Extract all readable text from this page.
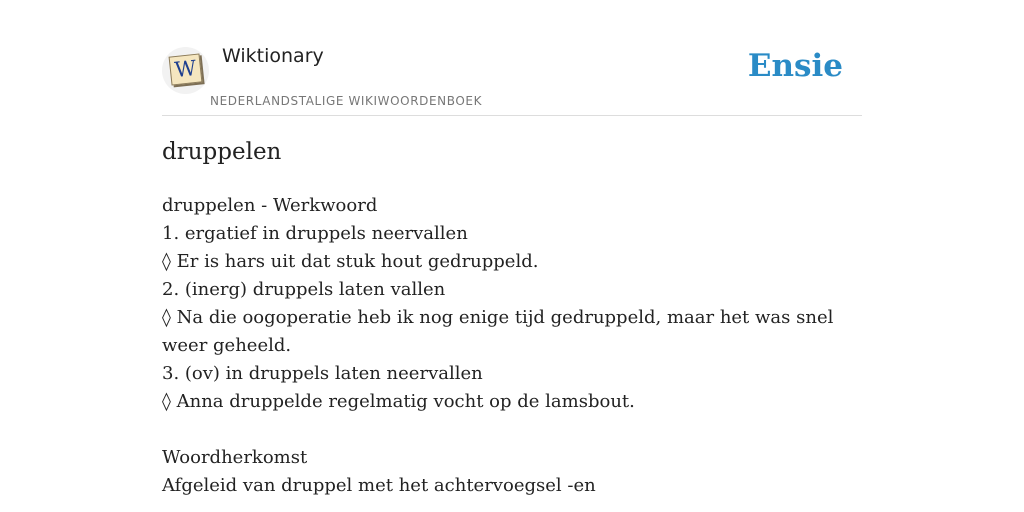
W Wiktionary
NEDERLANDSTALIGE WIKIWOORDENBOEK
Ensie
druppelen
druppelen - Werkwoord
1. ergatief in druppels neervallen
◊ Er is hars uit dat stuk hout gedruppeld.
2. (inerg) druppels laten vallen
◊ Na die oogoperatie heb ik nog enige tijd gedruppeld, maar het was snel weer geheeld.
3. (ov) in druppels laten neervallen
◊ Anna druppelde regelmatig vocht op de lamsbout.
Woordherkomst
Afgeleid van druppel met het achtervoegsel -en
